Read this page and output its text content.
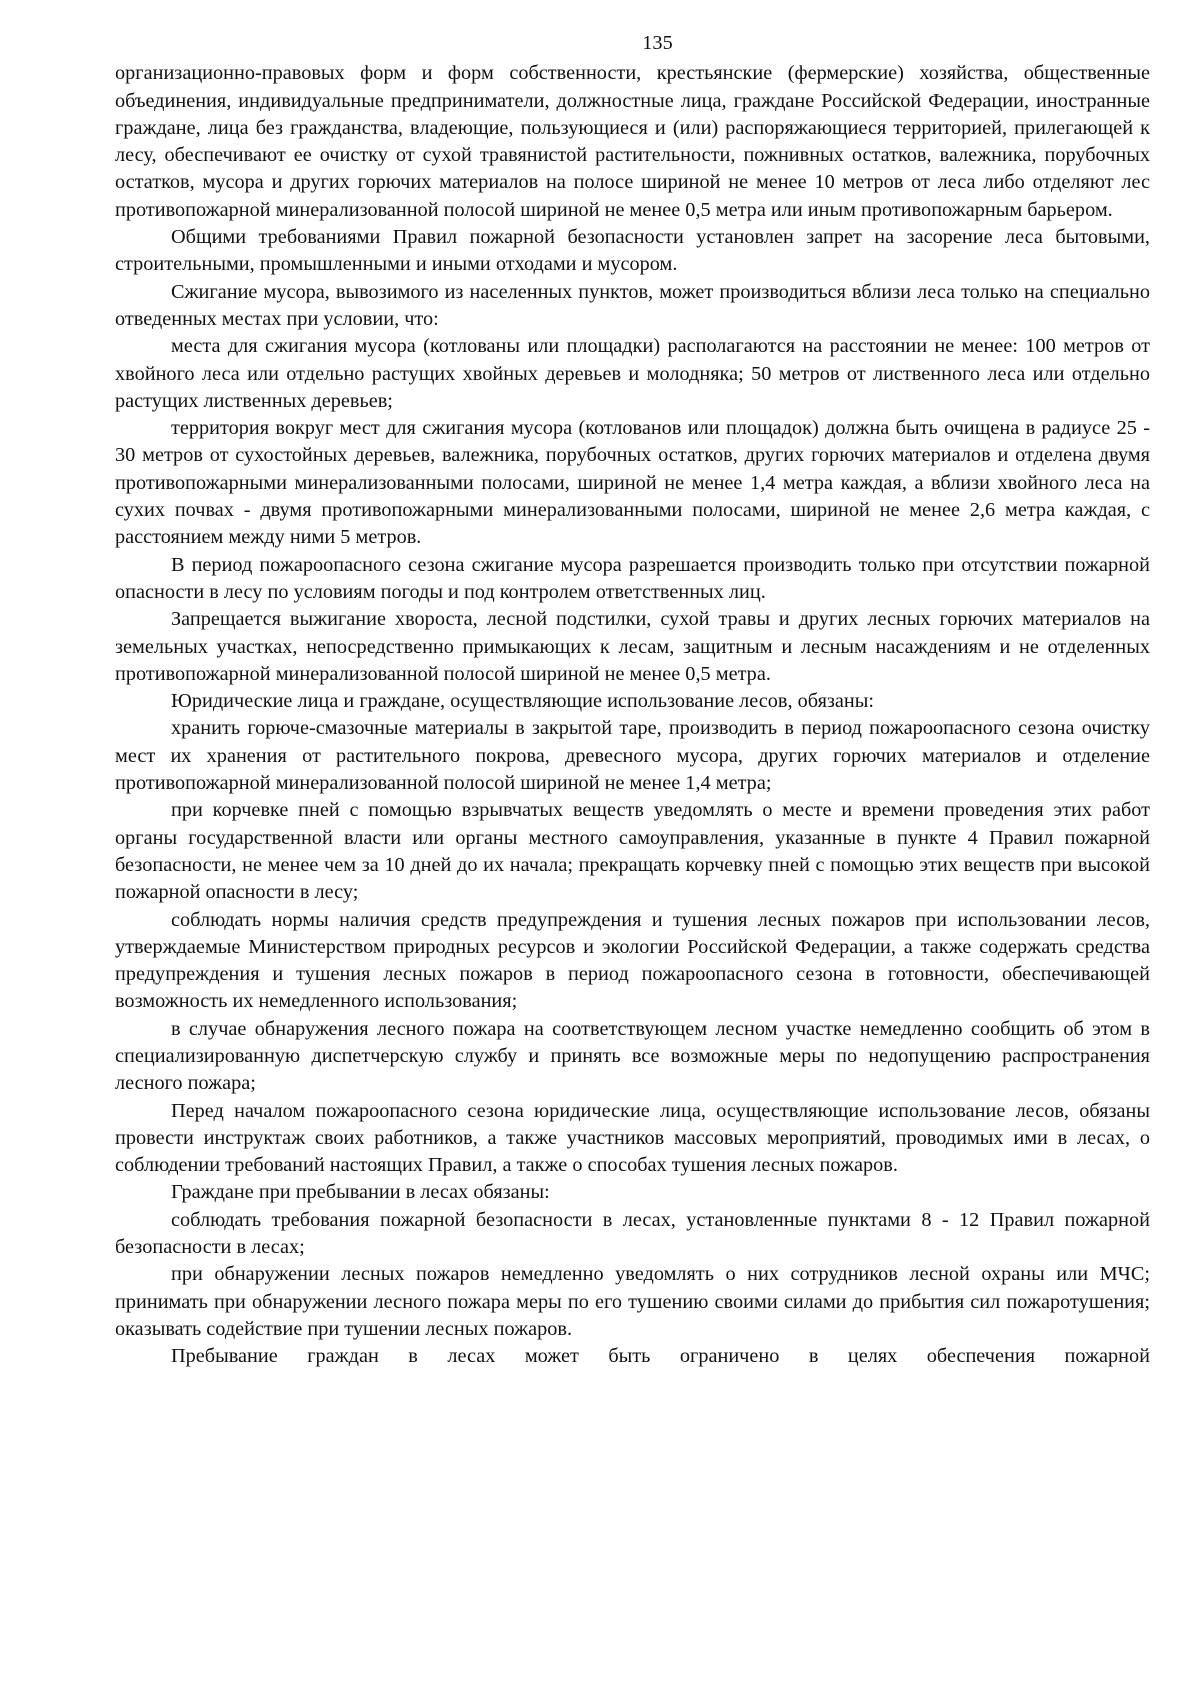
135

организационно-правовых форм и форм собственности, крестьянские (фермерские) хозяйства, общественные объединения, индивидуальные предприниматели, должностные лица, граждане Российской Федерации, иностранные граждане, лица без гражданства, владеющие, пользующиеся и (или) распоряжающиеся территорией, прилегающей к лесу, обеспечивают ее очистку от сухой травянистой растительности, пожнивных остатков, валежника, порубочных остатков, мусора и других горючих материалов на полосе шириной не менее 10 метров от леса либо отделяют лес противопожарной минерализованной полосой шириной не менее 0,5 метра или иным противопожарным барьером.

Общими требованиями Правил пожарной безопасности установлен запрет на засорение леса бытовыми, строительными, промышленными и иными отходами и мусором.

Сжигание мусора, вывозимого из населенных пунктов, может производиться вблизи леса только на специально отведенных местах при условии, что:

места для сжигания мусора (котлованы или площадки) располагаются на расстоянии не менее: 100 метров от хвойного леса или отдельно растущих хвойных деревьев и молодняка; 50 метров от лиственного леса или отдельно растущих лиственных деревьев;

территория вокруг мест для сжигания мусора (котлованов или площадок) должна быть очищена в радиусе 25 - 30 метров от сухостойных деревьев, валежника, порубочных остатков, других горючих материалов и отделена двумя противопожарными минерализованными полосами, шириной не менее 1,4 метра каждая, а вблизи хвойного леса на сухих почвах - двумя противопожарными минерализованными полосами, шириной не менее 2,6 метра каждая, с расстоянием между ними 5 метров.

В период пожароопасного сезона сжигание мусора разрешается производить только при отсутствии пожарной опасности в лесу по условиям погоды и под контролем ответственных лиц.

Запрещается выжигание хвороста, лесной подстилки, сухой травы и других лесных горючих материалов на земельных участках, непосредственно примыкающих к лесам, защитным и лесным насаждениям и не отделенных противопожарной минерализованной полосой шириной не менее 0,5 метра.

Юридические лица и граждане, осуществляющие использование лесов, обязаны:

хранить горюче-смазочные материалы в закрытой таре, производить в период пожароопасного сезона очистку мест их хранения от растительного покрова, древесного мусора, других горючих материалов и отделение противопожарной минерализованной полосой шириной не менее 1,4 метра;

при корчевке пней с помощью взрывчатых веществ уведомлять о месте и времени проведения этих работ органы государственной власти или органы местного самоуправления, указанные в пункте 4 Правил пожарной безопасности, не менее чем за 10 дней до их начала; прекращать корчевку пней с помощью этих веществ при высокой пожарной опасности в лесу;

соблюдать нормы наличия средств предупреждения и тушения лесных пожаров при использовании лесов, утверждаемые Министерством природных ресурсов и экологии Российской Федерации, а также содержать средства предупреждения и тушения лесных пожаров в период пожароопасного сезона в готовности, обеспечивающей возможность их немедленного использования;

в случае обнаружения лесного пожара на соответствующем лесном участке немедленно сообщить об этом в специализированную диспетчерскую службу и принять все возможные меры по недопущению распространения лесного пожара;

Перед началом пожароопасного сезона юридические лица, осуществляющие использование лесов, обязаны провести инструктаж своих работников, а также участников массовых мероприятий, проводимых ими в лесах, о соблюдении требований настоящих Правил, а также о способах тушения лесных пожаров.

Граждане при пребывании в лесах обязаны:

соблюдать требования пожарной безопасности в лесах, установленные пунктами 8 - 12 Правил пожарной безопасности в лесах;

при обнаружении лесных пожаров немедленно уведомлять о них сотрудников лесной охраны или МЧС; принимать при обнаружении лесного пожара меры по его тушению своими силами до прибытия сил пожаротушения; оказывать содействие при тушении лесных пожаров.

Пребывание граждан в лесах может быть ограничено в целях обеспечения пожарной
